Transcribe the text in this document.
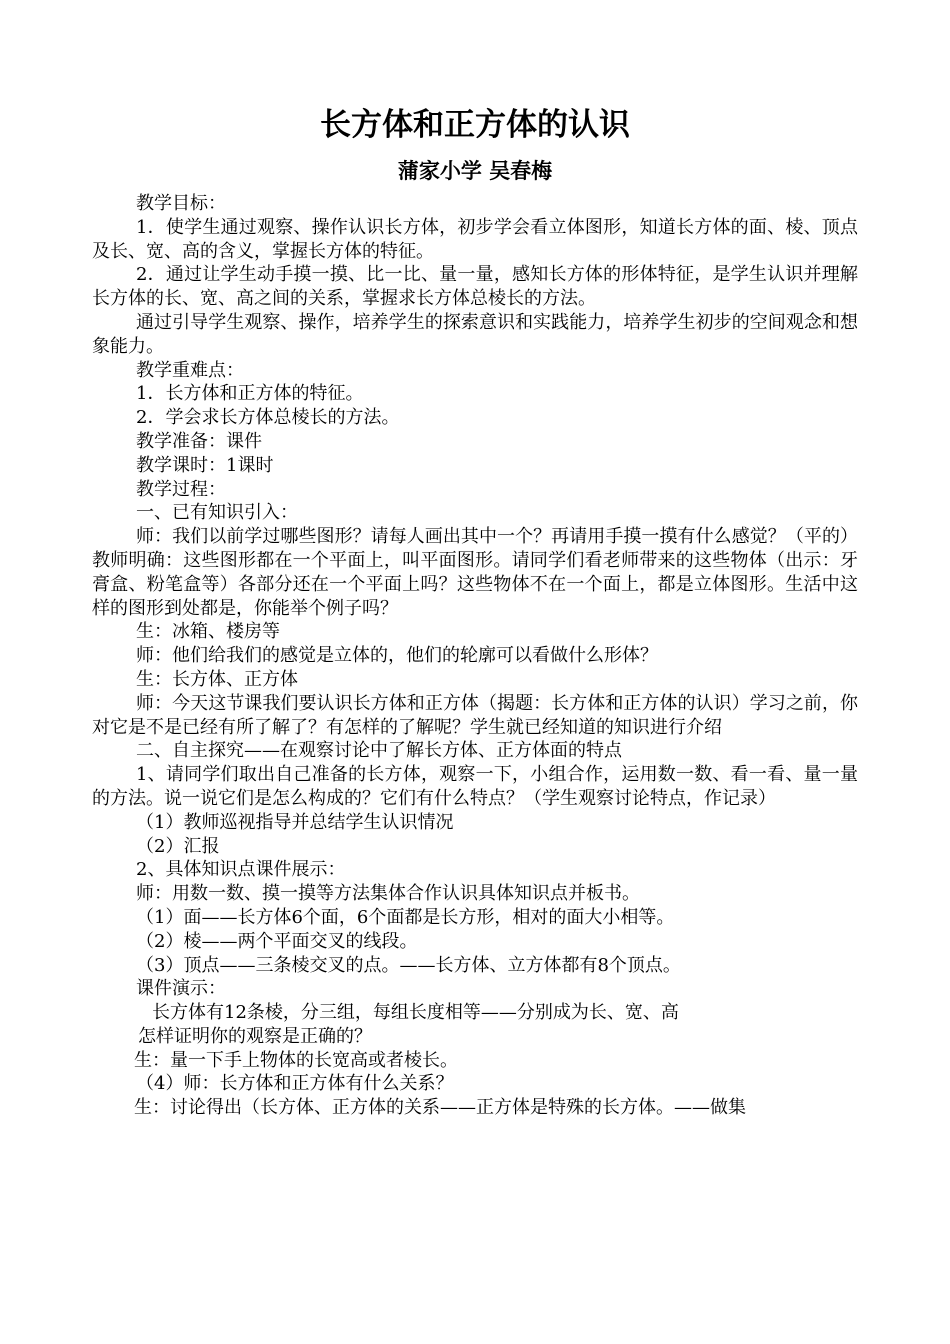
长方体和正方体的认识
蒲家小学 吴春梅

教学目标：

1．使学生通过观察、操作认识长方体，初步学会看立体图形，知道长方体的面、棱、顶点及长、宽、高的含义，掌握长方体的特征。

2．通过让学生动手摸一摸、比一比、量一量，感知长方体的形体特征，是学生认识并理解长方体的长、宽、高之间的关系，掌握求长方体总棱长的方法。

通过引导学生观察、操作，培养学生的探索意识和实践能力，培养学生初步的空间观念和想象能力。

教学重难点：

1．长方体和正方体的特征。

2．学会求长方体总棱长的方法。

教学准备：课件

教学课时：1课时

教学过程：

一、已有知识引入：

师：我们以前学过哪些图形？请每人画出其中一个？再请用手摸一摸有什么感觉？（平的）教师明确：这些图形都在一个平面上，叫平面图形。请同学们看老师带来的这些物体（出示：牙膏盒、粉笔盒等）各部分还在一个平面上吗？这些物体不在一个面上，都是立体图形。生活中这样的图形到处都是，你能举个例子吗？

生：冰箱、楼房等

师：他们给我们的感觉是立体的，他们的轮廓可以看做什么形体？

生：长方体、正方体

师：今天这节课我们要认识长方体和正方体（揭题：长方体和正方体的认识）学习之前，你对它是不是已经有所了解了？有怎样的了解呢？学生就已经知道的知识进行介绍

二、自主探究——在观察讨论中了解长方体、正方体面的特点

1、请同学们取出自己准备的长方体，观察一下，小组合作，运用数一数、看一看、量一量的方法。说一说它们是怎么构成的？它们有什么特点？（学生观察讨论特点，作记录）

（1）教师巡视指导并总结学生认识情况

（2）汇报

2、具体知识点课件展示：

师：用数一数、摸一摸等方法集体合作认识具体知识点并板书。

（1）面——长方体6个面，6个面都是长方形，相对的面大小相等。

（2）棱——两个平面交叉的线段。

（3）顶点——三条棱交叉的点。——长方体、立方体都有8个顶点。

课件演示：

长方体有12条棱，分三组，每组长度相等——分别成为长、宽、高

怎样证明你的观察是正确的？

生：量一下手上物体的长宽高或者棱长。

（4）师：长方体和正方体有什么关系？

生：讨论得出（长方体、正方体的关系——正方体是特殊的长方体。——做集
